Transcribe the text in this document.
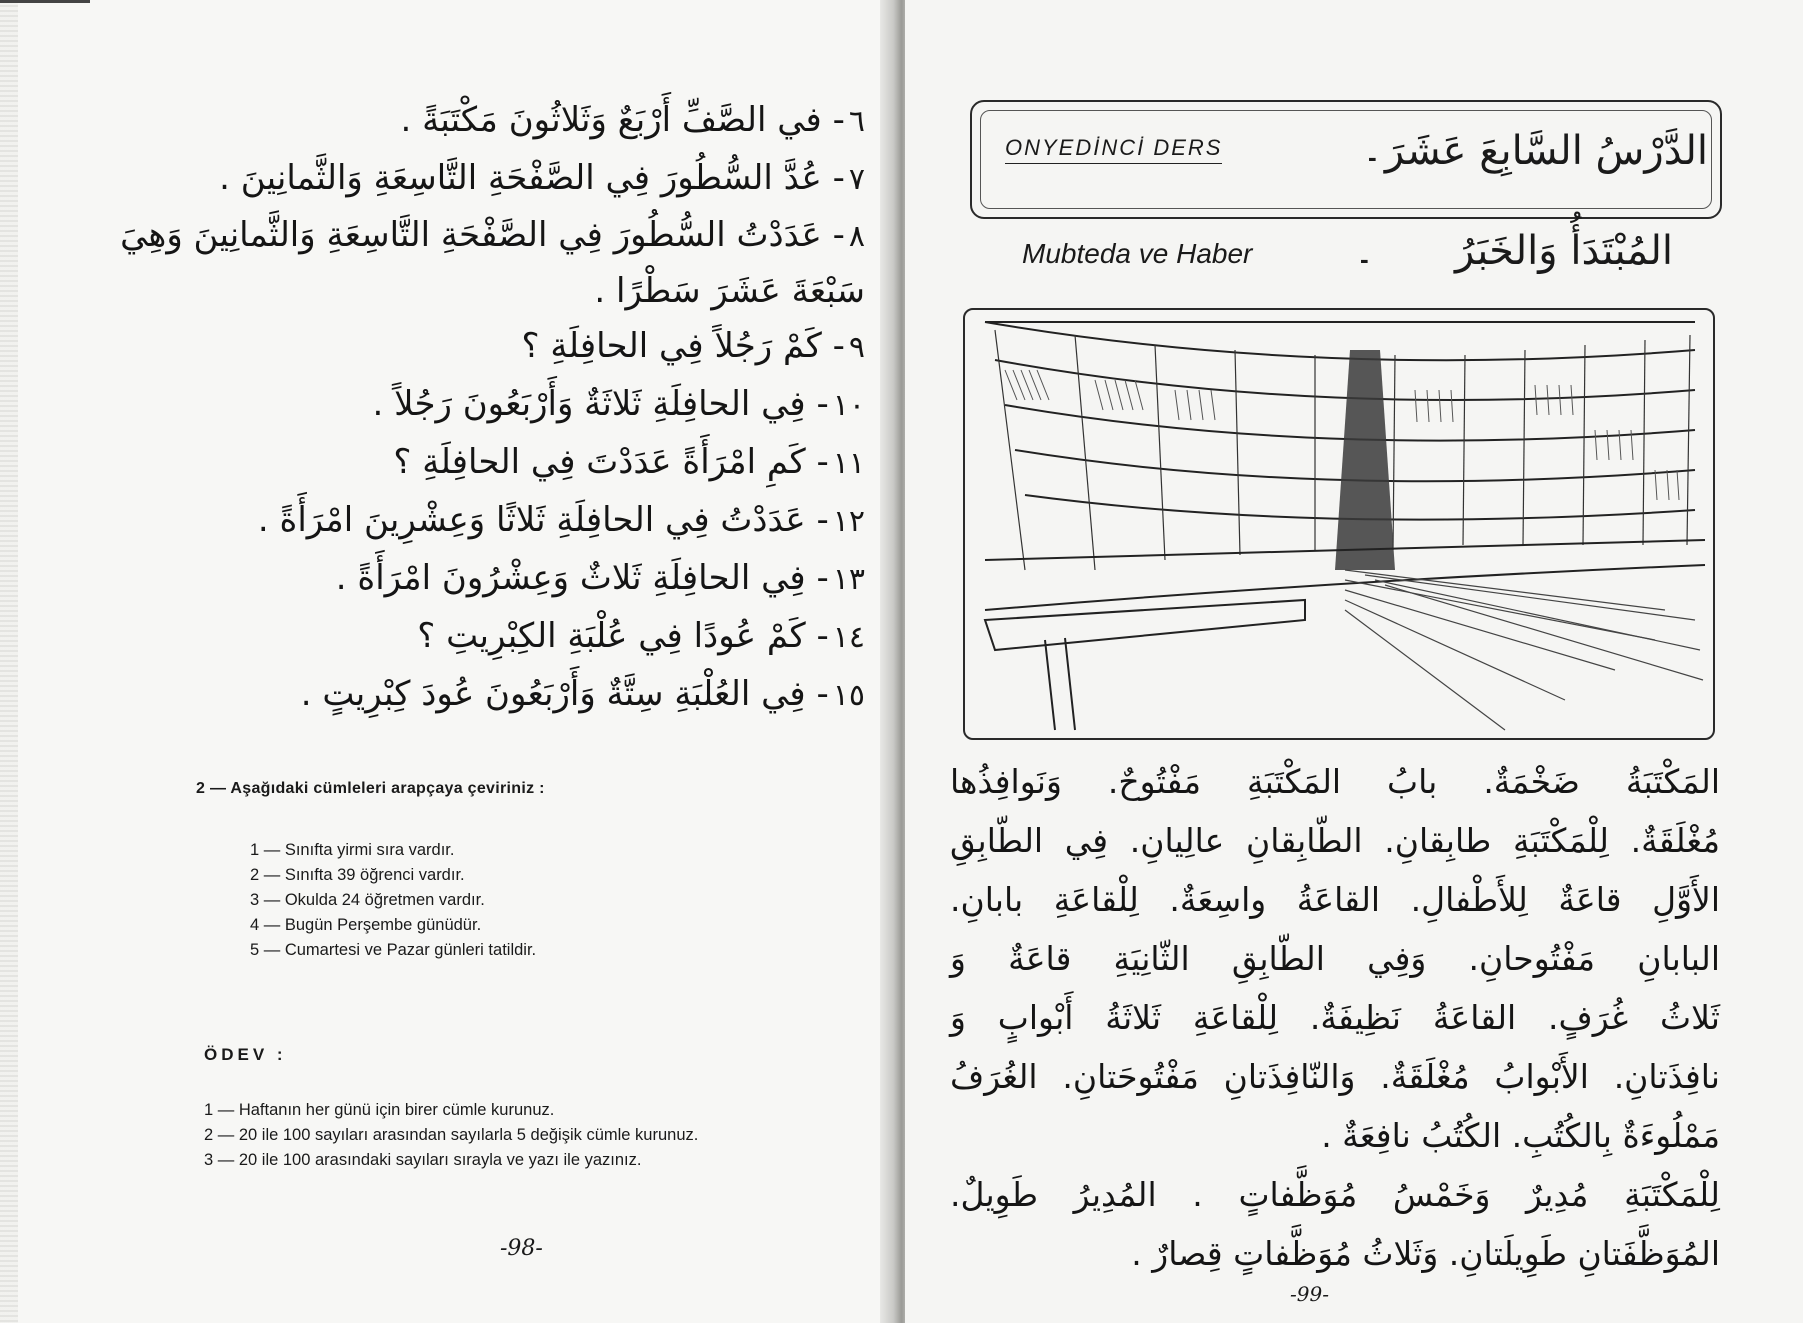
٦- في الصَّفِّ أَرْبَعٌ وَثَلاثُونَ مَكْتَبَةً .
٧- عُدَّ السُّطُورَ فِي الصَّفْحَةِ التَّاسِعَةِ وَالثَّمانِينَ .
٨- عَدَدْتُ السُّطُورَ فِي الصَّفْحَةِ التَّاسِعَةِ وَالثَّمانِينَ وَهِيَ سَبْعَةَ عَشَرَ سَطْرًا .
٩- كَمْ رَجُلاً فِي الحافِلَةِ ؟
١٠- فِي الحافِلَةِ ثَلاثَةٌ وَأَرْبَعُونَ رَجُلاً .
١١- كَمِ امْرَأَةً عَدَدْتَ فِي الحافِلَةِ ؟
١٢- عَدَدْتُ فِي الحافِلَةِ ثَلاثًا وَعِشْرِينَ امْرَأَةً .
١٣- فِي الحافِلَةِ ثَلاثٌ وَعِشْرُونَ امْرَأَةً .
١٤- كَمْ عُودًا فِي عُلْبَةِ الكِبْرِيتِ ؟
١٥- فِي العُلْبَةِ سِتَّةٌ وَأَرْبَعُونَ عُودَ كِبْرِيتٍ .
2 — Aşağıdaki cümleleri arapçaya çeviriniz :
1 — Sınıfta yirmi sıra vardır.
2 — Sınıfta 39 öğrenci vardır.
3 — Okulda 24 öğretmen vardır.
4 — Bugün Perşembe günüdür.
5 — Cumartesi ve Pazar günleri tatildir.
ÖDEV :
1 — Haftanın her günü için birer cümle kurunuz.
2 — 20 ile 100 sayıları arasından sayılarla 5 değişik cümle kurunuz.
3 — 20 ile 100 arasındaki sayıları sırayla ve yazı ile yazınız.
-98-
ONYEDİNCİ DERS	- الدَّرْسُ السَّابِعَ عَشَرَ
Mubteda ve Haber	- المُبْتَدَأُ وَالخَبَرُ
المَكْتَبَةُ ضَخْمَةٌ. بابُ المَكْتَبَةِ مَفْتُوحٌ. وَنَوافِذُها
مُغْلَقَةٌ. لِلْمَكْتَبَةِ طابِقانِ. الطّابِقانِ عالِيانِ. فِي الطّابِقِ
الأَوَّلِ قاعَةٌ لِلأَطْفالِ. القاعَةُ واسِعَةٌ. لِلْقاعَةِ بابانِ.
البابانِ مَفْتُوحانِ. وَفِي الطّابِقِ الثّانِيَةِ قاعَةٌ وَ
ثَلاثُ غُرَفٍ. القاعَةُ نَظِيفَةٌ. لِلْقاعَةِ ثَلاثَةُ أَبْوابٍ وَ
نافِذَتانِ. الأَبْوابُ مُغْلَقَةٌ. وَالنّافِذَتانِ مَفْتُوحَتانِ. الغُرَفُ
مَمْلُوءَةٌ بِالكُتُبِ. الكُتُبُ نافِعَةٌ .
لِلْمَكْتَبَةِ مُدِيرٌ وَخَمْسُ مُوَظَّفاتٍ . المُدِيرُ طَوِيلٌ.
المُوَظَّفَتانِ طَوِيلَتانِ. وَثَلاثُ مُوَظَّفاتٍ قِصارٌ .
-99-
